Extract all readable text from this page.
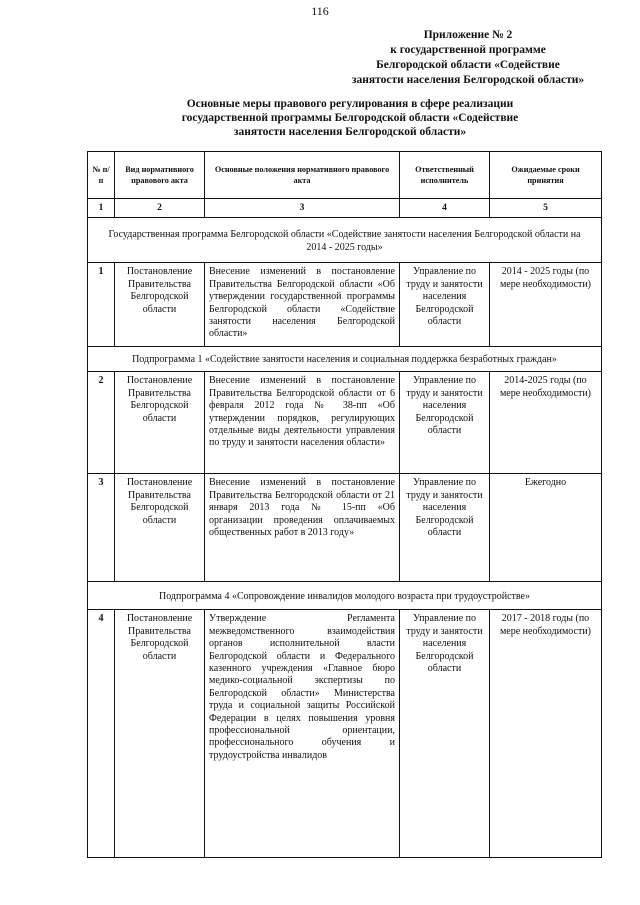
116
Приложение № 2
к государственной программе
Белгородской области «Содействие
занятости населения Белгородской области»
Основные меры правового регулирования в сфере реализации
государственной программы Белгородской области «Содействие
занятости населения Белгородской области»
№ п/п	Вид нормативного правового акта	Основные положения нормативного правового акта	Ответственный исполнитель	Ожидаемые сроки принятия
1	2	3	4	5
Государственная программа Белгородской области «Содействие занятости населения Белгородской области на 2014 - 2025 годы»				
1	Постановление Правительства Белгородской области	Внесение изменений в постановление Правительства Белгородской области «Об утверждении государственной программы Белгородской области «Содействие занятости населения Белгородской области»	Управление по труду и занятости населения Белгородской области	2014 - 2025 годы (по мере необходимости)
Подпрограмма 1 «Содействие занятости населения и социальная поддержка безработных граждан»				
2	Постановление Правительства Белгородской области	Внесение изменений в постановление Правительства Белгородской области от 6 февраля 2012 года № 38-пп «Об утверждении порядков, регулирующих отдельные виды деятельности управления по труду и занятости населения области»	Управление по труду и занятости населения Белгородской области	2014-2025 годы (по мере необходимости)
3	Постановление Правительства Белгородской области	Внесение изменений в постановление Правительства Белгородской области от 21 января 2013 года № 15-пп «Об организации проведения оплачиваемых общественных работ в 2013 году»	Управление по труду и занятости населения Белгородской области	Ежегодно
Подпрограмма 4 «Сопровождение инвалидов молодого возраста при трудоустройстве»				
4	Постановление Правительства Белгородской области	Утверждение Регламента межведомственного взаимодействия органов исполнительной власти Белгородской области и Федерального казенного учреждения «Главное бюро медико-социальной экспертизы по Белгородской области» Министерства труда и социальной защиты Российской Федерации в целях повышения уровня профессиональной ориентации, профессионального обучения и трудоустройства инвалидов	Управление по труду и занятости населения Белгородской области	2017 - 2018 годы (по мере необходимости)
